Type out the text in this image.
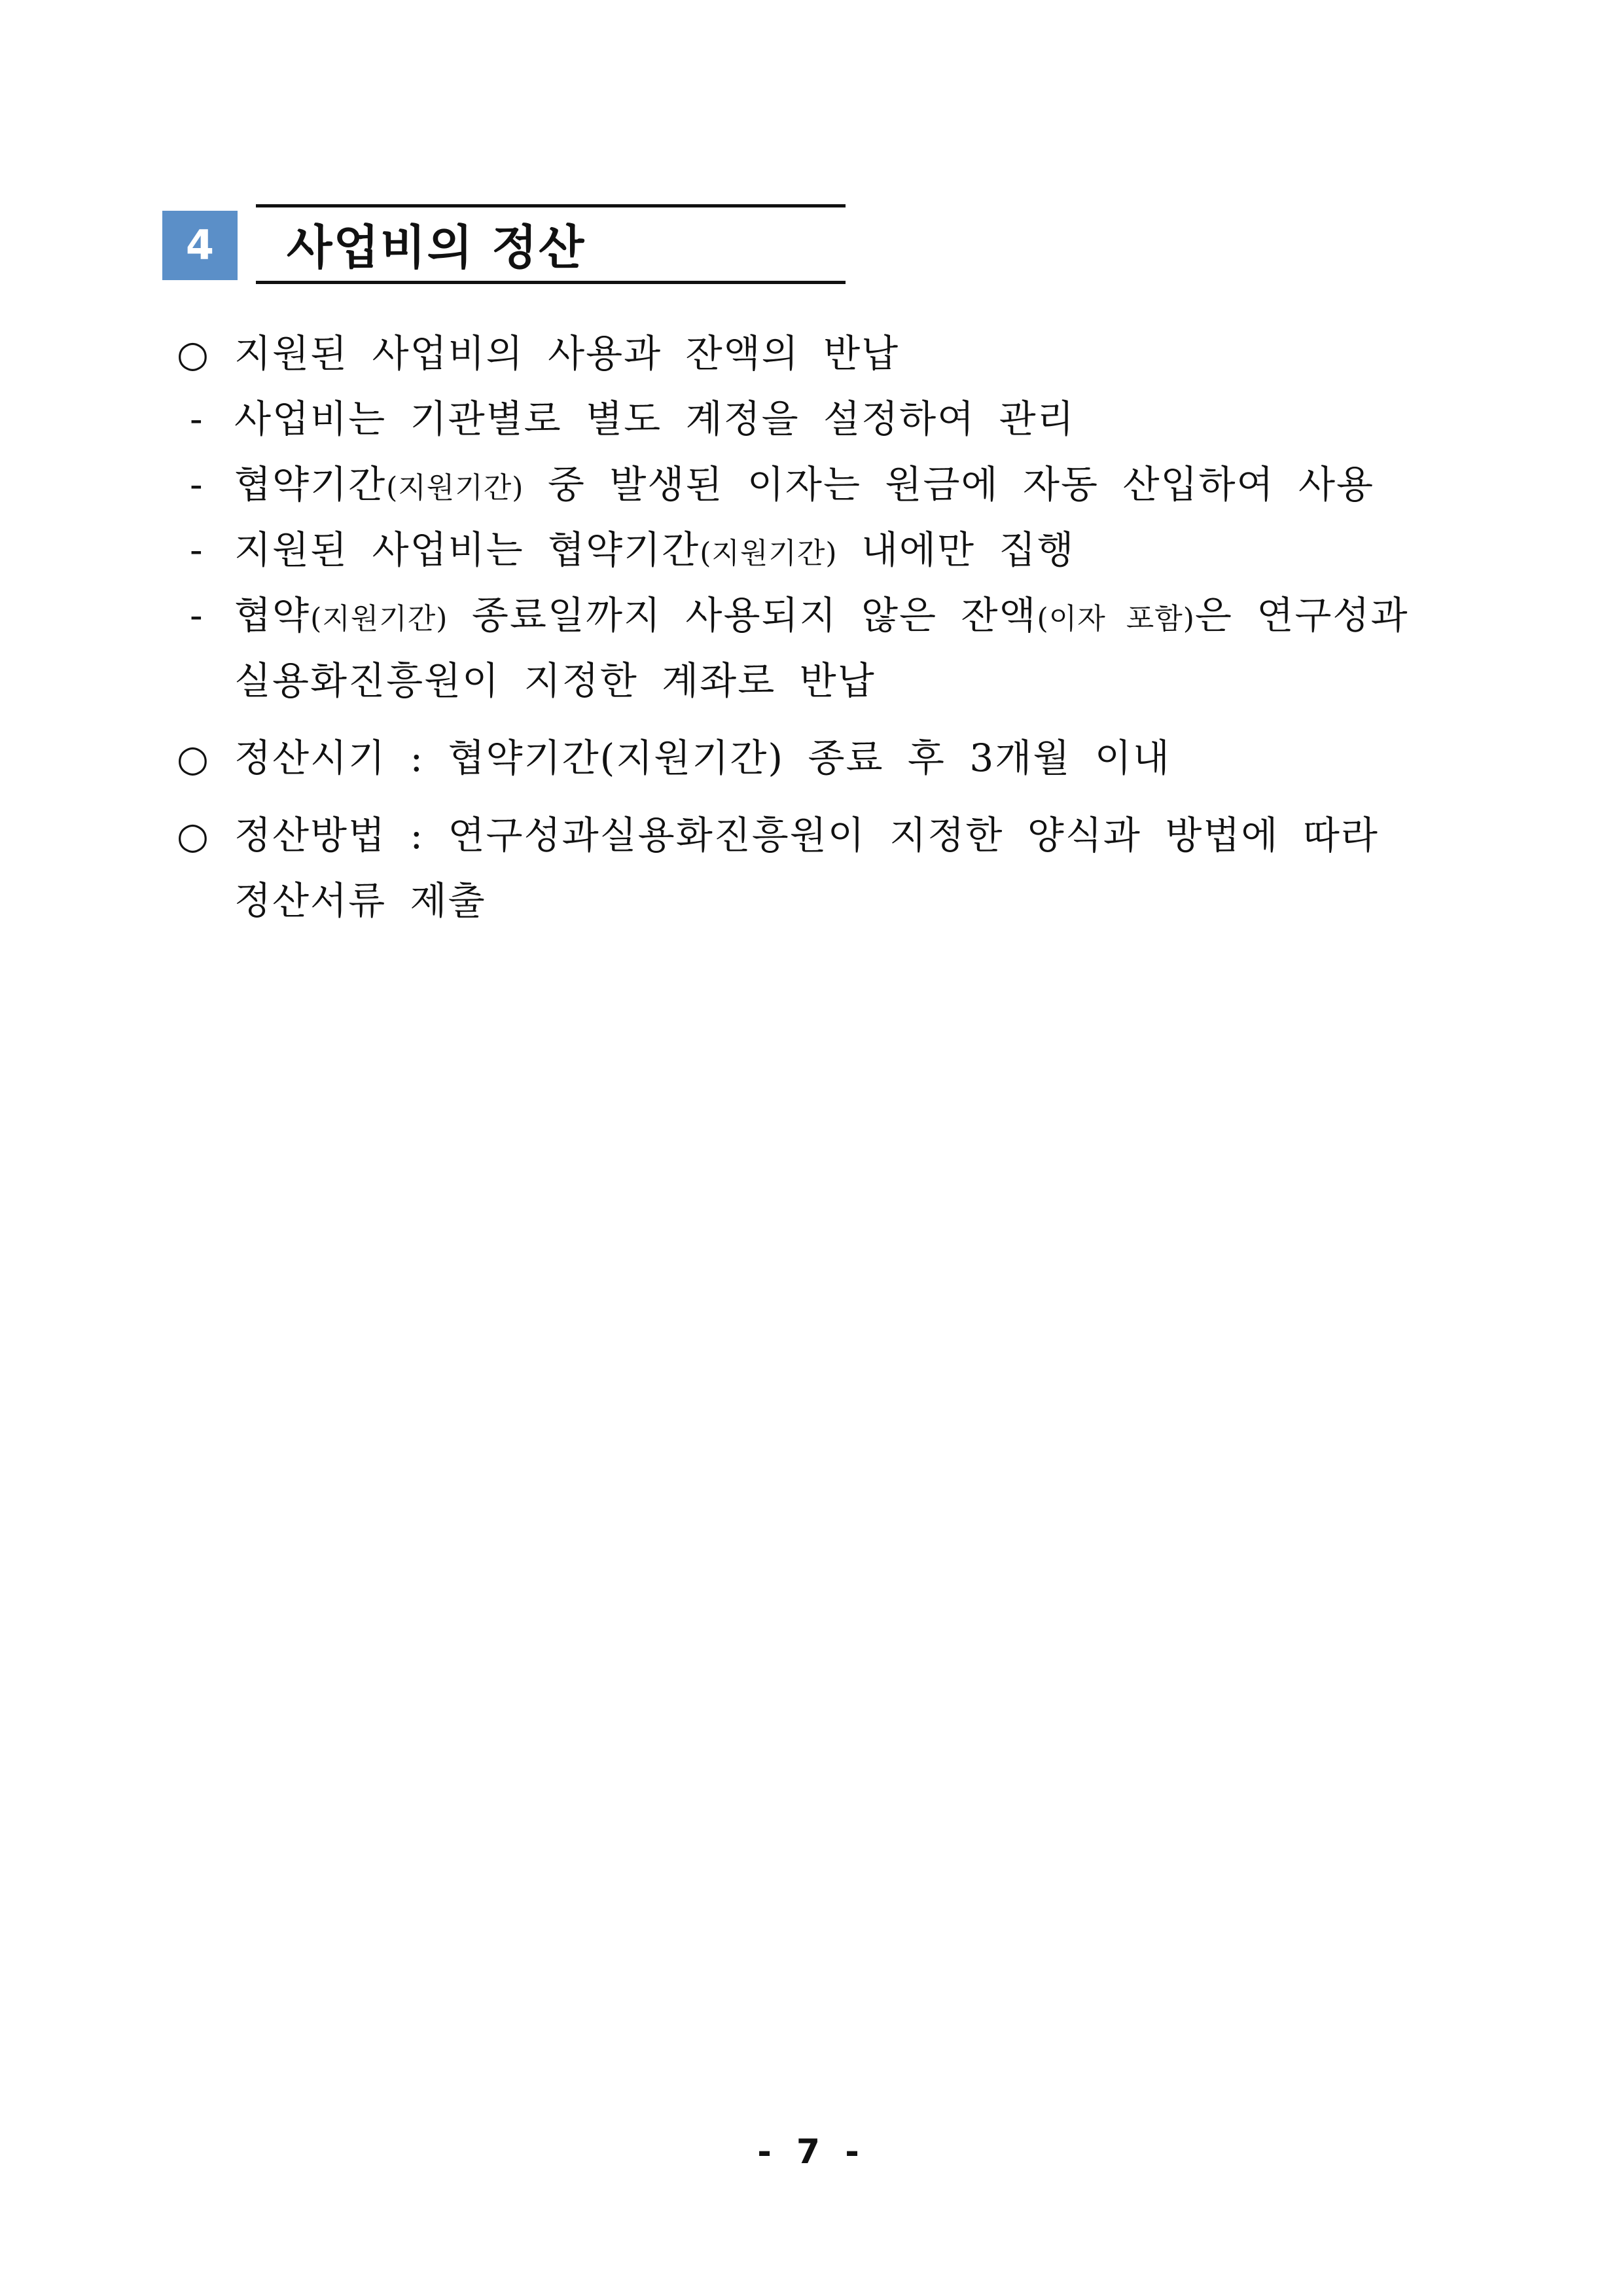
4	사업비의 정산
○ 지원된 사업비의 사용과 잔액의 반납
- 사업비는 기관별로 별도 계정을 설정하여 관리
- 협약기간(지원기간) 중 발생된 이자는 원금에 자동 산입하여 사용
- 지원된 사업비는 협약기간(지원기간) 내에만 집행
- 협약(지원기간) 종료일까지 사용되지 않은 잔액(이자 포함)은 연구성과
실용화진흥원이 지정한 계좌로 반납
○ 정산시기 : 협약기간(지원기간) 종료 후 3개월 이내
○ 정산방법 : 연구성과실용화진흥원이 지정한 양식과 방법에 따라
정산서류 제출
- 7 -
